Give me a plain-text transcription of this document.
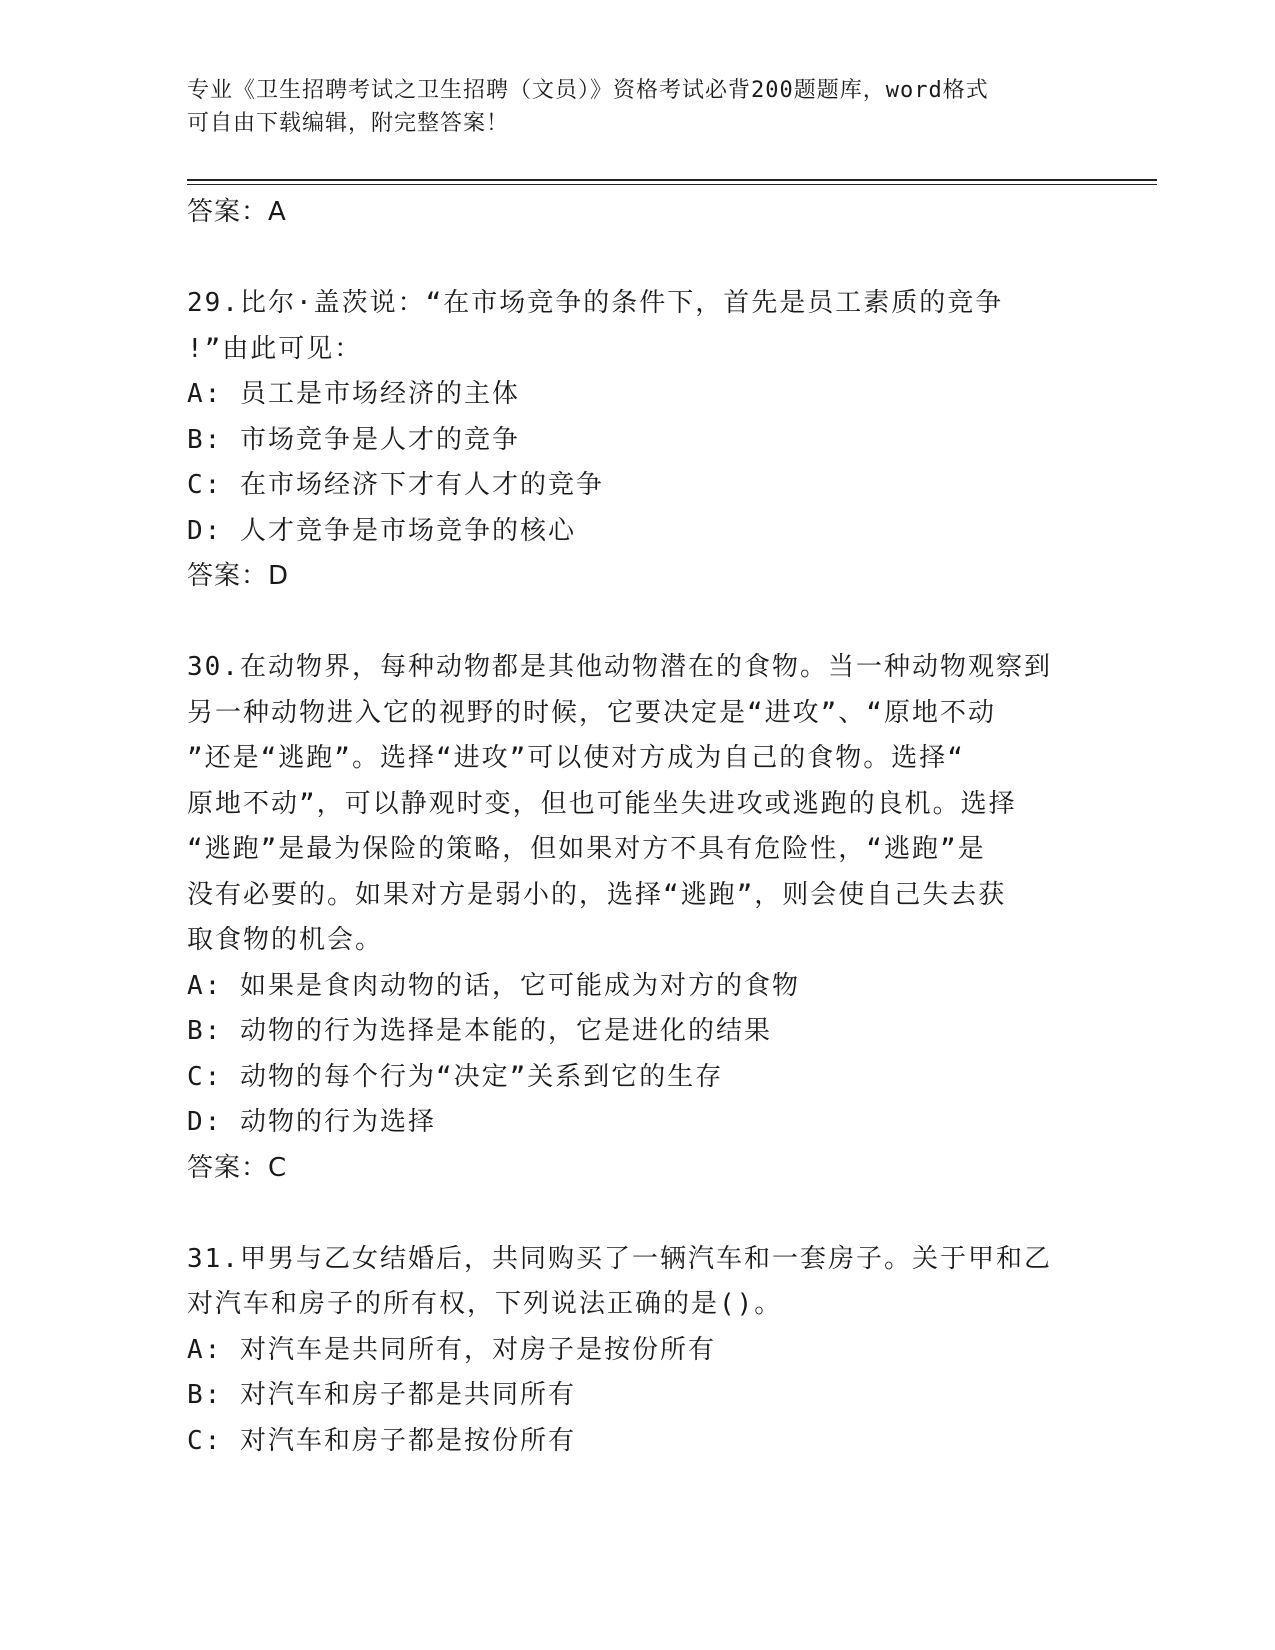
专业《卫生招聘考试之卫生招聘（文员）》资格考试必背200题题库，word格式
可自由下载编辑，附完整答案！
答案：A
29.比尔·盖茨说：“在市场竞争的条件下，首先是员工素质的竞争
!”由此可见：
A: 员工是市场经济的主体
B: 市场竞争是人才的竞争
C: 在市场经济下才有人才的竞争
D: 人才竞争是市场竞争的核心
答案：D
30.在动物界，每种动物都是其他动物潜在的食物。当一种动物观察到
另一种动物进入它的视野的时候，它要决定是“进攻”、“原地不动
”还是“逃跑”。选择“进攻”可以使对方成为自己的食物。选择“
原地不动”，可以静观时变，但也可能坐失进攻或逃跑的良机。选择
“逃跑”是最为保险的策略，但如果对方不具有危险性，“逃跑”是
没有必要的。如果对方是弱小的，选择“逃跑”，则会使自己失去获
取食物的机会。
A: 如果是食肉动物的话，它可能成为对方的食物
B: 动物的行为选择是本能的，它是进化的结果
C: 动物的每个行为“决定”关系到它的生存
D: 动物的行为选择
答案：C
31.甲男与乙女结婚后，共同购买了一辆汽车和一套房子。关于甲和乙
对汽车和房子的所有权，下列说法正确的是()。
A: 对汽车是共同所有，对房子是按份所有
B: 对汽车和房子都是共同所有
C: 对汽车和房子都是按份所有
